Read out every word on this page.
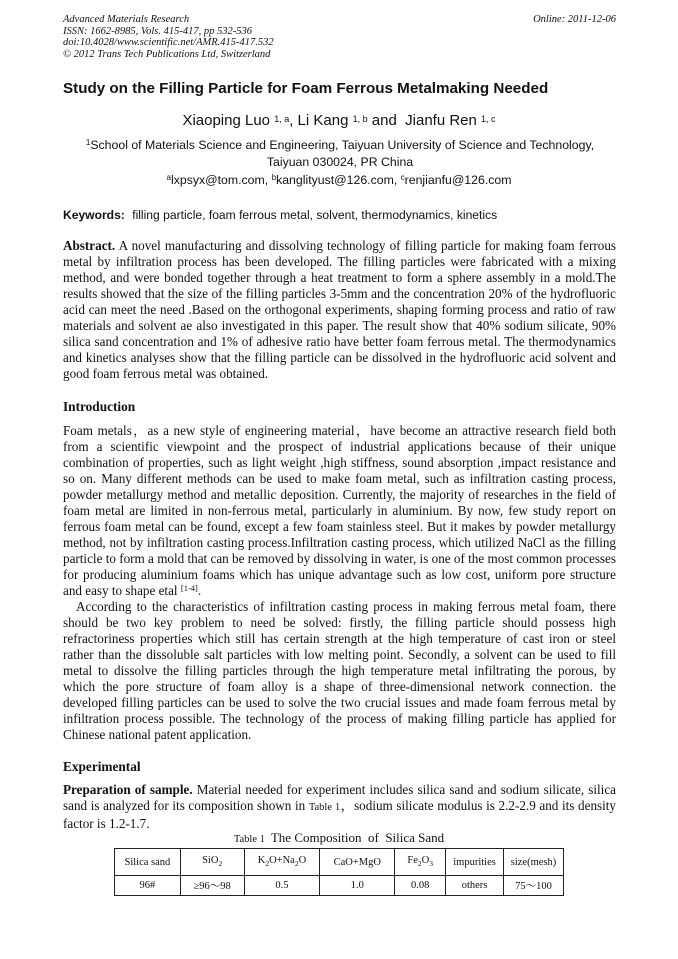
Advanced Materials Research
ISSN: 1662-8985, Vols. 415-417, pp 532-536
doi:10.4028/www.scientific.net/AMR.415-417.532
© 2012 Trans Tech Publications Ltd, Switzerland
Online: 2011-12-06
Study on the Filling Particle for Foam Ferrous Metalmaking Needed
Xiaoping Luo $^{1, a}$, Li Kang $^{1, b}$ and  Jianfu Ren $^{1, c}$
$^1$School of Materials Science and Engineering, Taiyuan University of Science and Technology, Taiyuan 030024, PR China
$^a$lxpsyx@tom.com, $^b$kanglityust@126.com, $^c$renjianfu@126.com
Keywords: filling particle, foam ferrous metal, solvent, thermodynamics, kinetics
Abstract. A novel manufacturing and dissolving technology of filling particle for making foam ferrous metal by infiltration process has been developed. The filling particles were fabricated with a mixing method, and were bonded together through a heat treatment to form a sphere assembly in a mold.The results showed that the size of the filling particles 3-5mm and the concentration 20% of the hydrofluoric acid can meet the need .Based on the orthogonal experiments, shaping forming process and ratio of raw materials and solvent ae also investigated in this paper. The result show that 40% sodium silicate, 90% silica sand concentration and 1% of adhesive ratio have better foam ferrous metal. The thermodynamics and kinetics analyses show that the filling particle can be dissolved in the hydrofluoric acid solvent and good foam ferrous metal was obtained.
Introduction
Foam metals，as a new style of engineering material，have become an attractive research field both from a scientific viewpoint and the prospect of industrial applications because of their unique combination of properties, such as light weight ,high stiffness, sound absorption ,impact resistance and so on. Many different methods can be used to make foam metal, such as infiltration casting process, powder metallurgy method and metallic deposition. Currently, the majority of researches in the field of foam metal are limited in non-ferrous metal, particularly in aluminium. By now, few study report on ferrous foam metal can be found, except a few foam stainless steel. But it makes by powder metallurgy method, not by infiltration casting process.Infiltration casting process, which utilized NaCl as the filling particle to form a mold that can be removed by dissolving in water, is one of the most common processes for producing aluminium foams which has unique advantage such as low cost, uniform pore structure and easy to shape etal [1-4].
According to the characteristics of infiltration casting process in making ferrous metal foam, there should be two key problem to need be solved: firstly, the filling particle should possess high refractoriness properties which still has certain strength at the high temperature of cast iron or steel rather than the dissoluble salt particles with low melting point. Secondly, a solvent can be used to fill metal to dissolve the filling particles through the high temperature metal infiltrating the porous, by which the pore structure of foam alloy is a shape of three-dimensional network connection. the developed filling particles can be used to solve the two crucial issues and made foam ferrous metal by infiltration process possible. The technology of the process of making filling particle has applied for Chinese national patent application.
Experimental
Preparation of sample. Material needed for experiment includes silica sand and sodium silicate, silica sand is analyzed for its composition shown in Table 1，sodium silicate modulus is 2.2-2.9 and its density factor is 1.2-1.7.
Table 1 The Composition  of  Silica Sand
Silica sand	SiO$_2$	$K_2O+Na_2O$	CaO+MgO	$Fe_2O_3$	impurities	size(mesh)
96#	≥96～98	0.5	1.0	0.08	others	75～100
